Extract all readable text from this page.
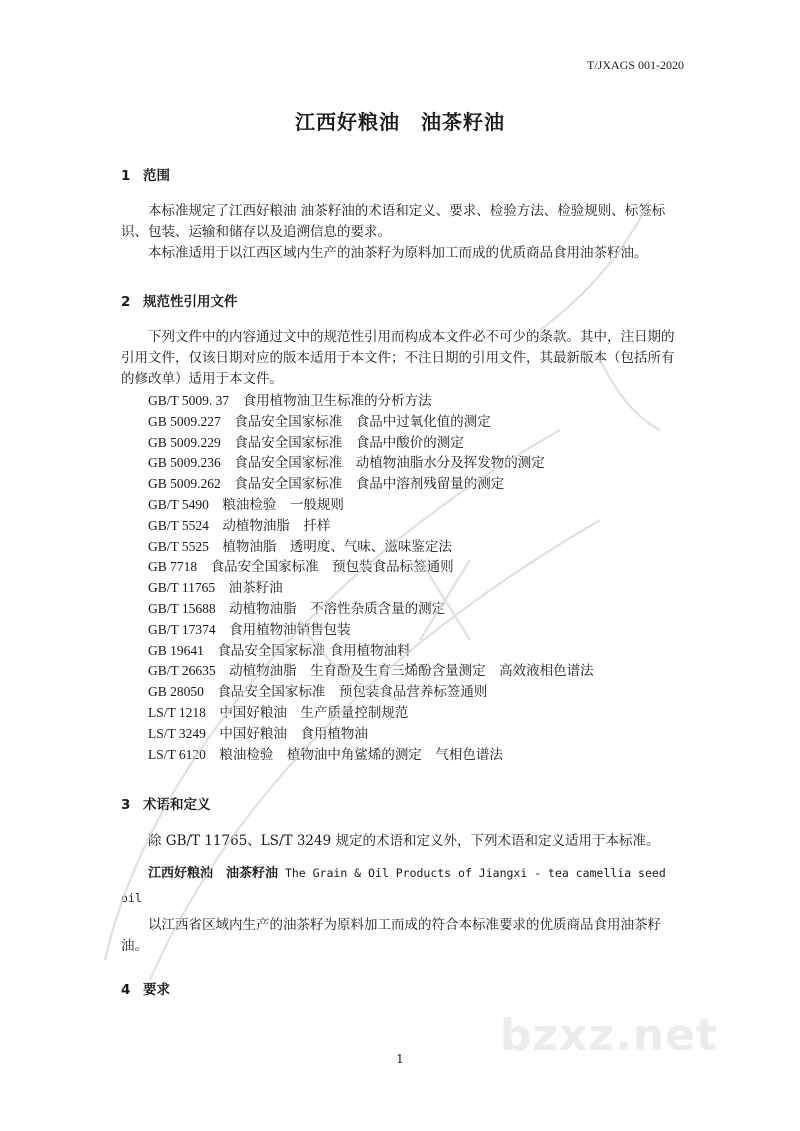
T/JXAGS 001-2020
江西好粮油　油茶籽油
1 范围
本标准规定了江西好粮油 油茶籽油的术语和定义、要求、检验方法、检验规则、标签标识、包装、运输和储存以及追溯信息的要求。
本标准适用于以江西区域内生产的油茶籽为原料加工而成的优质商品食用油茶籽油。
2 规范性引用文件
下列文件中的内容通过文中的规范性引用而构成本文件必不可少的条款。其中，注日期的引用文件，仅该日期对应的版本适用于本文件；不注日期的引用文件，其最新版本（包括所有的修改单）适用于本文件。
GB/T 5009. 37　 食用植物油卫生标准的分析方法
GB 5009.227　 食品安全国家标准　食品中过氧化值的测定
GB 5009.229　 食品安全国家标准　食品中酸价的测定
GB 5009.236　 食品安全国家标准　动植物油脂水分及挥发物的测定
GB 5009.262　 食品安全国家标准　食品中溶剂残留量的测定
GB/T 5490　 粮油检验　一般规则
GB/T 5524　 动植物油脂　扦样
GB/T 5525　 植物油脂　透明度、气味、滋味鉴定法
GB 7718　 食品安全国家标准　预包装食品标签通则
GB/T 11765　 油茶籽油
GB/T 15688　 动植物油脂　不溶性杂质含量的测定
GB/T 17374　 食用植物油销售包装
GB 19641　 食品安全国家标准 食用植物油料
GB/T 26635　 动植物油脂　生育酚及生育三烯酚含量测定　高效液相色谱法
GB 28050　 食品安全国家标准　预包装食品营养标签通则
LS/T 1218　 中国好粮油　生产质量控制规范
LS/T 3249　 中国好粮油　食用植物油
LS/T 6120　 粮油检验　植物油中角鲨烯的测定　气相色谱法
3 术语和定义
除 GB/T 11765、LS/T 3249 规定的术语和定义外，下列术语和定义适用于本标准。
江西好粮油　油茶籽油 The Grain & Oil Products of Jiangxi - tea camellia seed oil
以江西省区域内生产的油茶籽为原料加工而成的符合本标准要求的优质商品食用油茶籽油。
4 要求
1	bzxz.net
